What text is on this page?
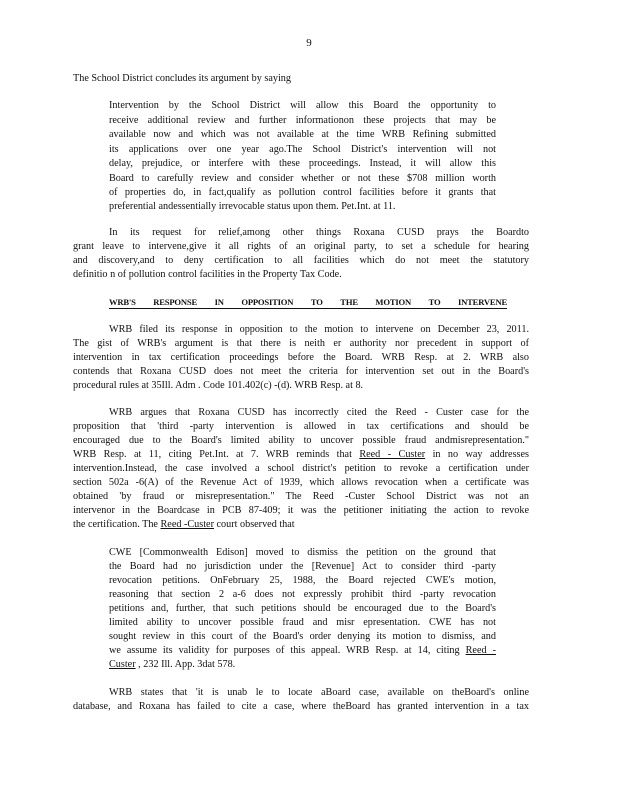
9
The School District concludes its argument by saying
Intervention by the School District will allow this Board the opportunity to
receive additional review and further informationon these projects that may be
available now and which was not available at the time WRB Refining submitted
its applications over one year ago.The School District's intervention will not
delay, prejudice, or interfere with these proceedings. Instead, it will allow this
Board to carefully review and consider whether or not these $708 million worth
of properties do, in fact,qualify as pollution control facilities before it grants that
preferential andessentially irrevocable status upon them. Pet.Int. at 11.
In its request for relief,among other things Roxana CUSD prays the Boardto
grant leave to intervene,give it all rights of an original party, to set a schedule for hearing
and discovery,and to deny certification to all facilities which do not meet the statutory
definitio n of pollution control facilities in the Property Tax Code.
WRB'S RESPONSE IN OPPOSITION TO THE MOTION TO INTERVENE
WRB filed its response in opposition to the motion to intervene on December 23, 2011.
The gist of WRB's argument is that there is neith er authority nor precedent in support of
intervention in tax certification proceedings before the Board. WRB Resp. at 2. WRB also
contends that Roxana CUSD does not meet the criteria for intervention set out in the Board's
procedural rules at 35Ill. Adm . Code 101.402(c) -(d). WRB Resp. at 8.
WRB argues that Roxana CUSD has incorrectly cited the Reed - Custer case for the
proposition that 'third -party intervention is allowed in tax certifications and should be
encouraged due to the Board's limited ability to uncover possible fraud andmisrepresentation."
WRB Resp. at 11, citing Pet.Int. at 7. WRB reminds that Reed - Custer in no way addresses
intervention.Instead, the case involved a school district's petition to revoke a certification under
section 502a -6(A) of the Revenue Act of 1939, which allows revocation when a certificate was
obtained 'by fraud or misrepresentation." The Reed -Custer School District was not an
intervenor in the Boardcase in PCB 87-409; it was the petitioner initiating the action to revoke
the certification. The Reed -Custer court observed that
CWE [Commonwealth Edison] moved to dismiss the petition on the ground that
the Board had no jurisdiction under the [Revenue] Act to consider third -party
revocation petitions. OnFebruary 25, 1988, the Board rejected CWE's motion,
reasoning that section 2 a-6 does not expressly prohibit third -party revocation
petitions and, further, that such petitions should be encouraged due to the Board's
limited ability to uncover possible fraud and misr epresentation. CWE has not
sought review in this court of the Board's order denying its motion to dismiss, and
we assume its validity for purposes of this appeal. WRB Resp. at 14, citing Reed -
Custer , 232 Ill. App. 3dat 578.
WRB states that 'it is unab le to locate aBoard case, available on theBoard's online
database, and Roxana has failed to cite a case, where theBoard has granted intervention in a tax
